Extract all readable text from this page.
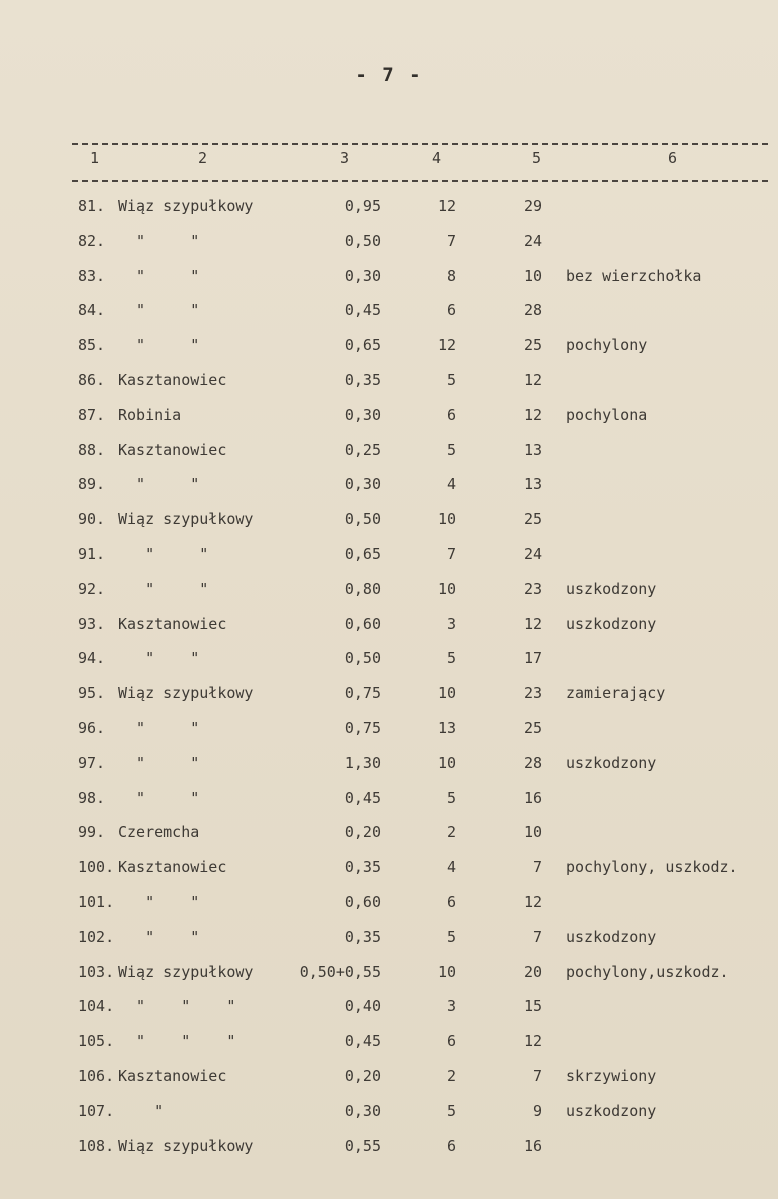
- 7 -
1	2	3	4	5	6
81. Wiąz szypułkowy	0,95	12	29
82. "     "	0,50	7	24
83. "     "	0,30	8	10 bez wierzchołka
84. "     "	0,45	6	28
85. "     "	0,65	12	25 pochylony
86. Kasztanowiec	0,35	5	12
87. Robinia	0,30	6	12 pochylona
88. Kasztanowiec	0,25	5	13
89. "     "	0,30	4	13
90. Wiąz szypułkowy	0,50	10	25
91. "     "	0,65	7	24
92. "     "	0,80	10	23 uszkodzony
93. Kasztanowiec	0,60	3	12 uszkodzony
94. "    "	0,50	5	17
95. Wiąz szypułkowy	0,75	10	23 zamierający
96. "     "	0,75	13	25
97. "     "	1,30	10	28 uszkodzony
98. "     "	0,45	5	16
99. Czeremcha	0,20	2	10
100. Kasztanowiec	0,35	4	7 pochylony, uszkodz.
101. "    "	0,60	6	12
102. "    "	0,35	5	7 uszkodzony
103. Wiąz szypułkowy	0,50+0,55	10	20 pochylony,uszkodz.
104. "    "    "	0,40	3	15
105. "    "    "	0,45	6	12
106. Kasztanowiec	0,20	2	7 skrzywiony
107. "	0,30	5	9 uszkodzony
108. Wiąz szypułkowy	0,55	6	16
